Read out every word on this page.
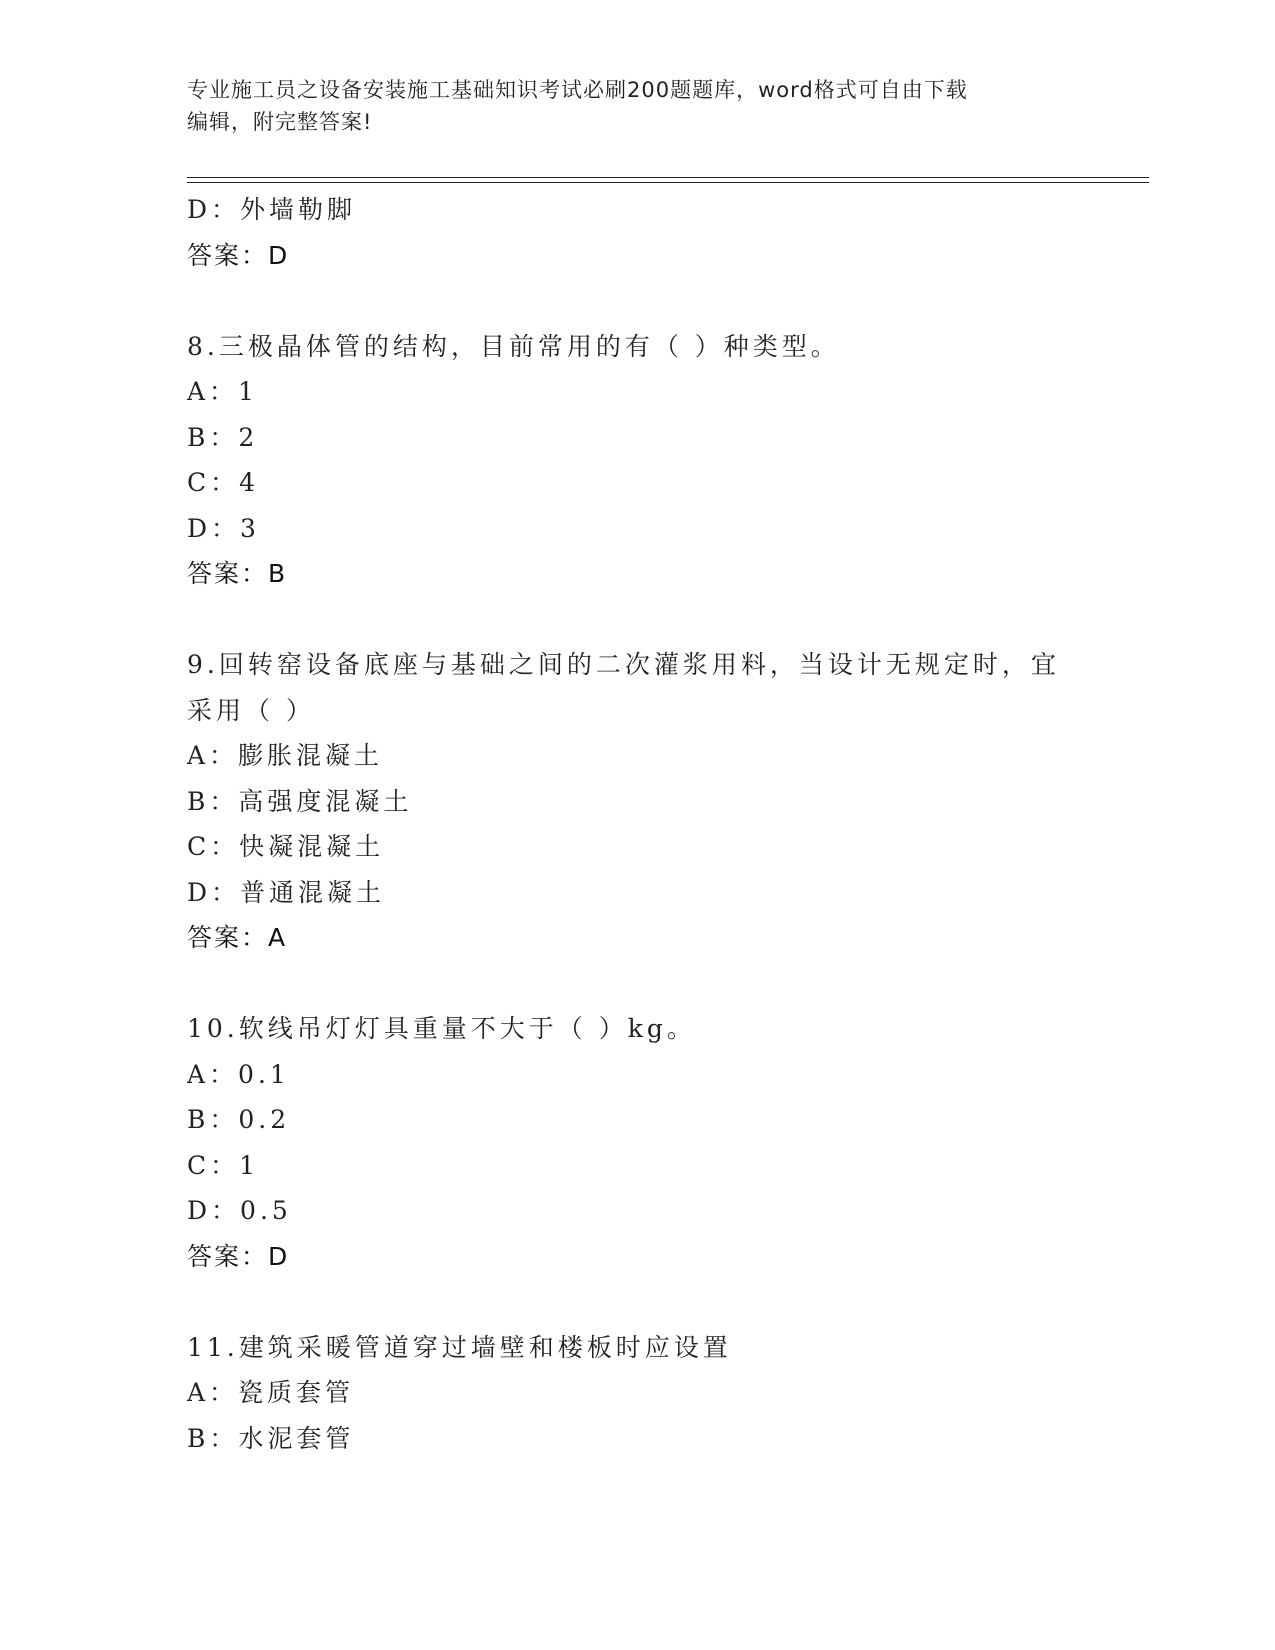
专业施工员之设备安装施工基础知识考试必刷200题题库，word格式可自由下载
编辑，附完整答案!
D：外墙勒脚
答案：D
8.三极晶体管的结构，目前常用的有（ ）种类型。
A：1
B：2
C：4
D：3
答案：B
9.回转窑设备底座与基础之间的二次灌浆用料，当设计无规定时，宜
采用（ ）
A：膨胀混凝土
B：高强度混凝土
C：快凝混凝土
D：普通混凝土
答案：A
10.软线吊灯灯具重量不大于（ ）kg。
A：0.1
B：0.2
C：1
D：0.5
答案：D
11.建筑采暖管道穿过墙壁和楼板时应设置
A：瓷质套管
B：水泥套管
